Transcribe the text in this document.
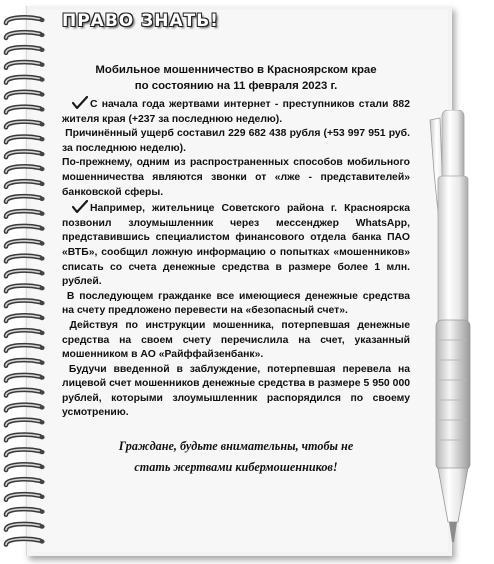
ПРАВО ЗНАТЬ!
Мобильное мошенничество в Красноярском крае
по состоянию на 11 февраля 2023 г.

С начала года жертвами интернет - преступников стали 882 жителя края (+237 за последнюю неделю).

Причинённый ущерб составил 229 682 438 рубля (+53 997 951 руб. за последнюю неделю).

По-прежнему, одним из распространенных способов мобильного мошенничества являются звонки от «лже - представителей» банковской сферы.

Например, жительнице Советского района г. Красноярска позвонил злоумышленник через мессенджер WhatsApp, представившись специалистом финансового отдела банка ПАО «ВТБ», сообщил ложную информацию о попытках «мошенников» списать со счета денежные средства в размере более 1 млн. рублей.

В последующем гражданке все имеющиеся денежные средства на счету предложено перевести на «безопасный счет».

Действуя по инструкции мошенника, потерпевшая денежные средства на своем счету перечислила на счет, указанный мошенником в АО «Райффайзенбанк».

Будучи введенной в заблуждение, потерпевшая перевела на лицевой счет мошенников денежные средства в размере 5 950 000 рублей, которыми злоумышленник распорядился по своему усмотрению.

Граждане, будьте внимательны, чтобы не
стать жертвами кибермошенников!
